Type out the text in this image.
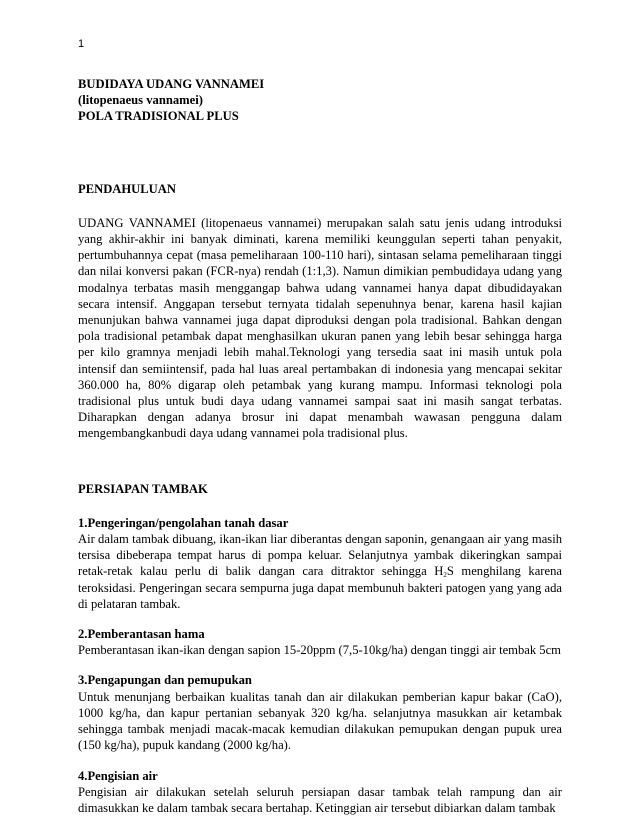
1
BUDIDAYA UDANG VANNAMEI
(litopenaeus vannamei)
POLA TRADISIONAL PLUS
PENDAHULUAN

UDANG VANNAMEI (litopenaeus vannamei) merupakan salah satu jenis udang introduksi yang akhir-akhir ini banyak diminati, karena memiliki keunggulan seperti tahan penyakit, pertumbuhannya cepat (masa pemeliharaan 100-110 hari), sintasan selama pemeliharaan tinggi dan nilai konversi pakan (FCR-nya) rendah (1:1,3). Namun dimikian pembudidaya udang yang modalnya terbatas masih menggangap bahwa udang vannamei hanya dapat dibudidayakan secara intensif. Anggapan tersebut ternyata tidalah sepenuhnya benar, karena hasil kajian menunjukan bahwa vannamei juga dapat diproduksi dengan pola tradisional. Bahkan dengan pola tradisional petambak dapat menghasilkan ukuran panen yang lebih besar sehingga harga per kilo gramnya menjadi lebih mahal.Teknologi yang tersedia saat ini masih untuk pola intensif dan semiintensif, pada hal luas areal pertambakan di indonesia yang mencapai sekitar 360.000 ha, 80% digarap oleh petambak yang kurang mampu. Informasi teknologi pola tradisional plus untuk budi daya udang vannamei sampai saat ini masih sangat terbatas. Diharapkan dengan adanya brosur ini dapat menambah wawasan pengguna dalam mengembangkanbudi daya udang vannamei pola tradisional plus.

PERSIAPAN TAMBAK
1.Pengeringan/pengolahan tanah dasar

Air dalam tambak dibuang, ikan-ikan liar diberantas dengan saponin, genangaan air yang masih tersisa dibeberapa tempat harus di pompa keluar. Selanjutnya yambak dikeringkan sampai retak-retak kalau perlu di balik dangan cara ditraktor sehingga $H_2S$ menghilang karena teroksidasi. Pengeringan secara sempurna juga dapat membunuh bakteri patogen yang yang ada di pelataran tambak.

2.Pemberantasan hama

Pemberantasan ikan-ikan dengan sapion 15-20ppm (7,5-10kg/ha) dengan tinggi air tembak 5cm

3.Pengapungan dan pemupukan

Untuk menunjang berbaikan kualitas tanah dan air dilakukan pemberian kapur bakar (CaO), 1000 kg/ha, dan kapur pertanian sebanyak 320 kg/ha. selanjutnya masukkan air ketambak sehingga tambak menjadi macak-macak kemudian dilakukan pemupukan dengan pupuk urea (150 kg/ha), pupuk kandang (2000 kg/ha).

4.Pengisian air

Pengisian air dilakukan setelah seluruh persiapan dasar tambak telah rampung dan air dimasukkan ke dalam tambak secara bertahap. Ketinggian air tersebut dibiarkan dalam tambak
